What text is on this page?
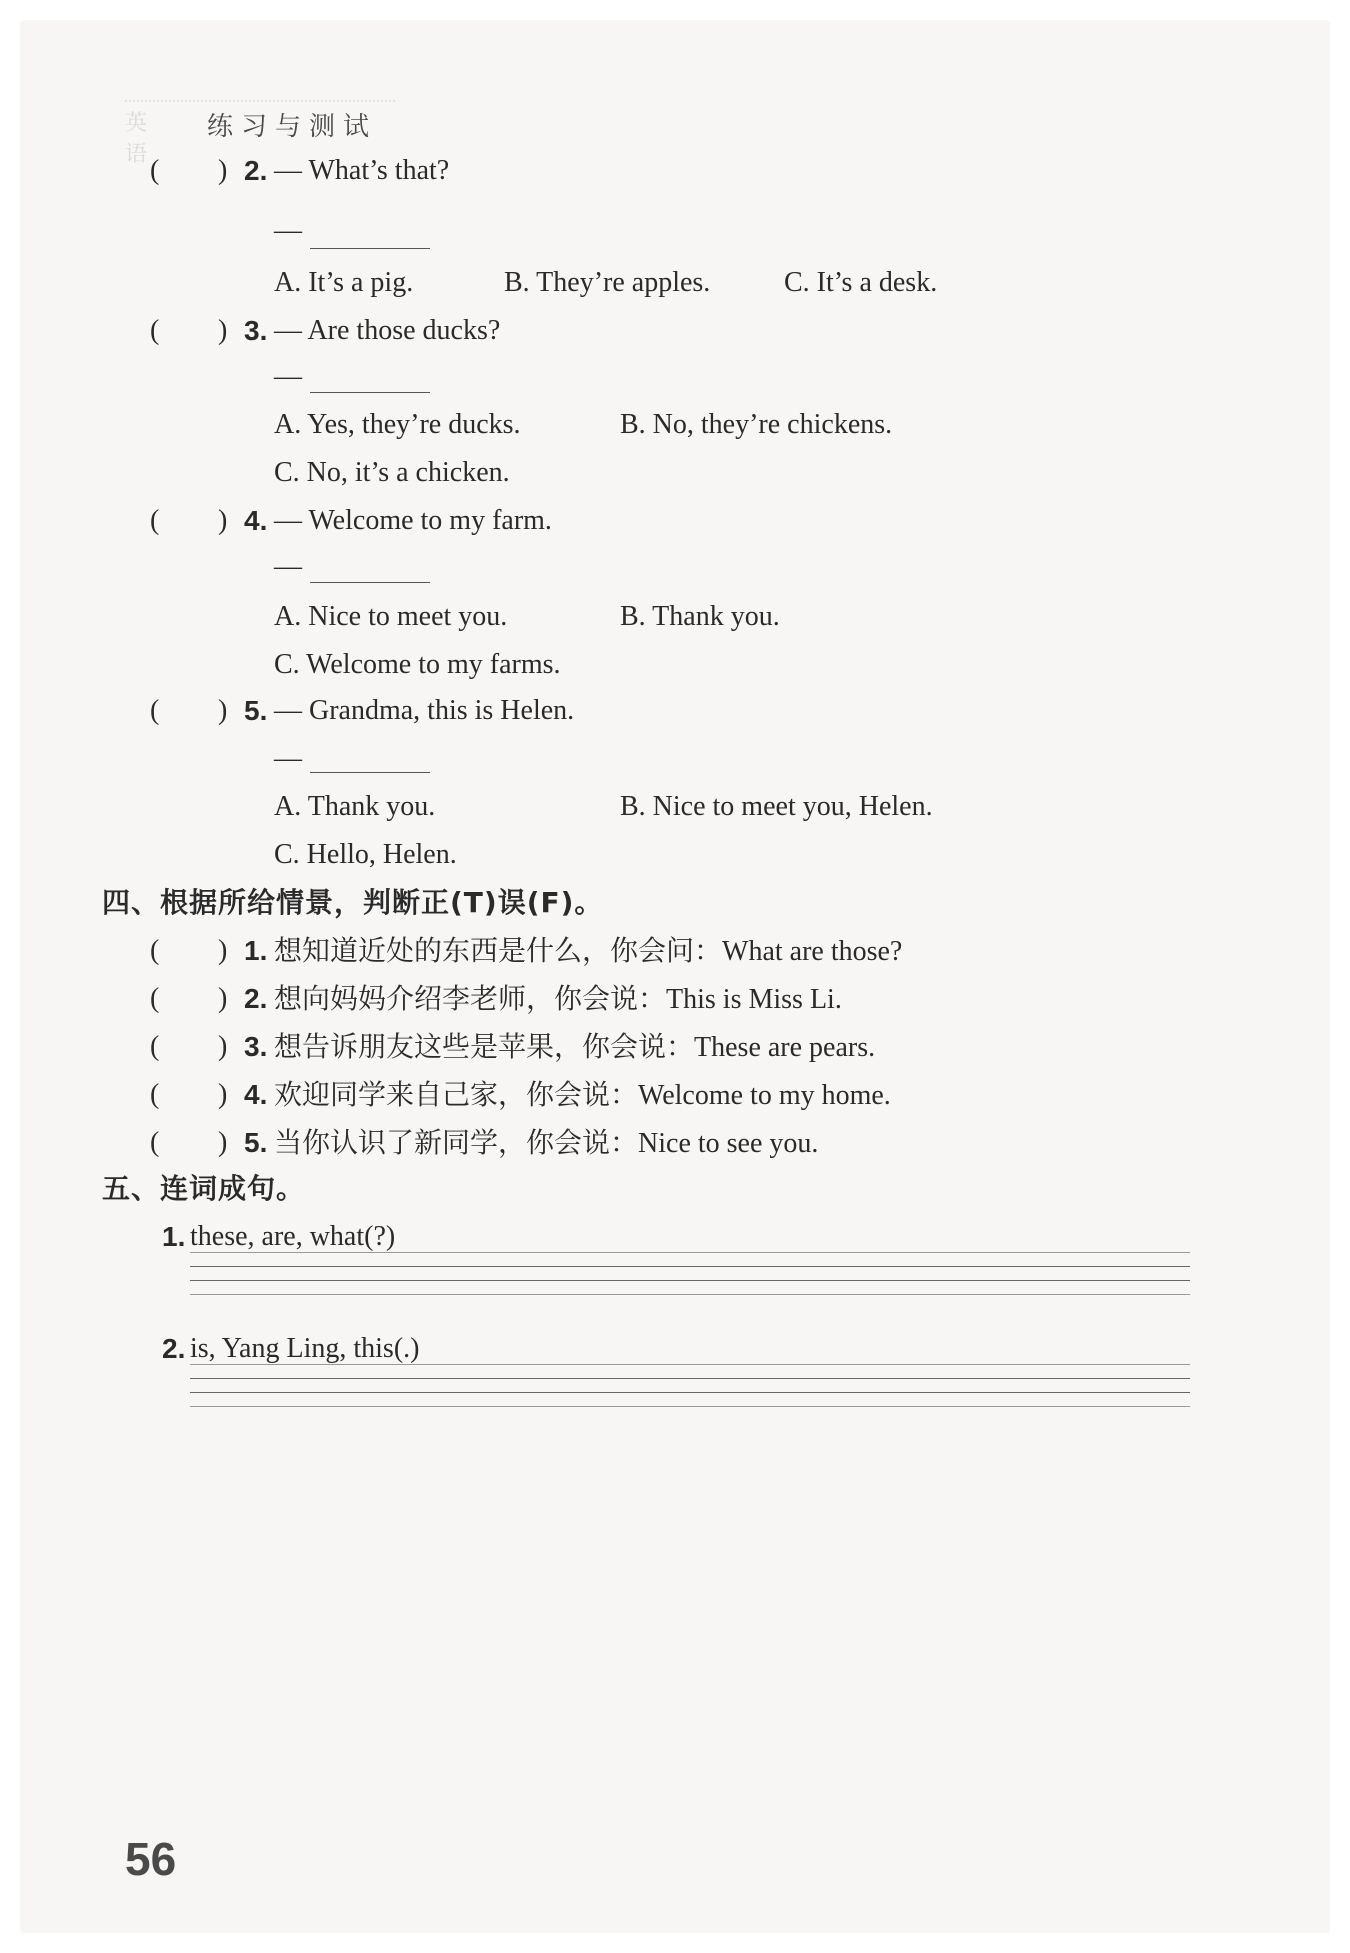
英语
练习与测试
( ) 2. — What’s that?
—
A. It’s a pig.	B. They’re apples.	C. It’s a desk.
( ) 3. — Are those ducks?
—
A. Yes, they’re ducks.	B. No, they’re chickens.
C. No, it’s a chicken.
( ) 4. — Welcome to my farm.
—
A. Nice to meet you.	B. Thank you.
C. Welcome to my farms.
( ) 5. — Grandma, this is Helen.
—
A. Thank you.	B. Nice to meet you, Helen.
C. Hello, Helen.
四、根据所给情景，判断正(T)误(F)。
( ) 1. 想知道近处的东西是什么，你会问：What are those?
( ) 2. 想向妈妈介绍李老师，你会说：This is Miss Li.
( ) 3. 想告诉朋友这些是苹果，你会说：These are pears.
( ) 4. 欢迎同学来自己家，你会说：Welcome to my home.
( ) 5. 当你认识了新同学，你会说：Nice to see you.
五、连词成句。
1. these, are, what(?)
2. is, Yang Ling, this(.)
56
